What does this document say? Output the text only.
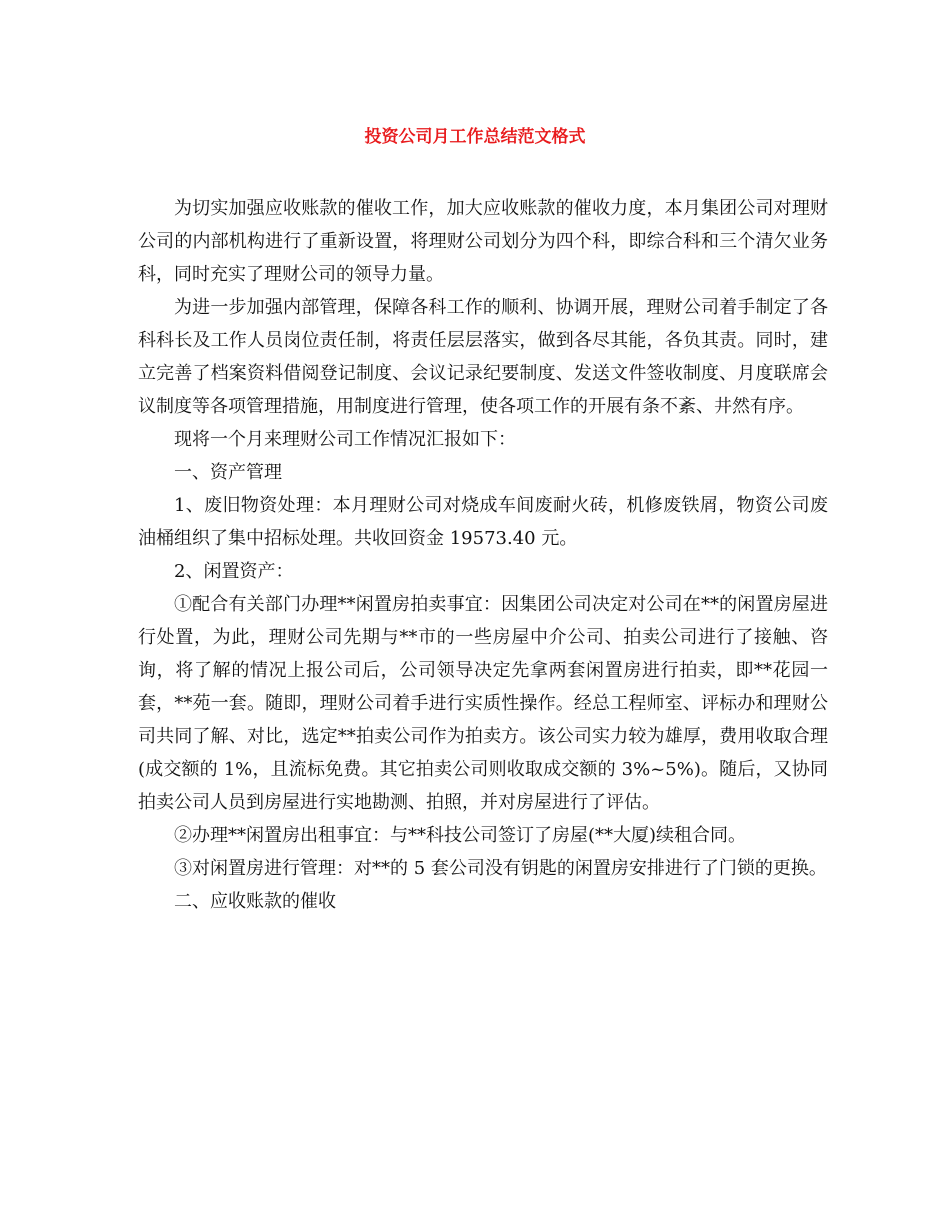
投资公司月工作总结范文格式

为切实加强应收账款的催收工作，加大应收账款的催收力度，本月集团公司对理财公司的内部机构进行了重新设置，将理财公司划分为四个科，即综合科和三个清欠业务科，同时充实了理财公司的领导力量。

为进一步加强内部管理，保障各科工作的顺利、协调开展，理财公司着手制定了各科科长及工作人员岗位责任制，将责任层层落实，做到各尽其能，各负其责。同时，建立完善了档案资料借阅登记制度、会议记录纪要制度、发送文件签收制度、月度联席会议制度等各项管理措施，用制度进行管理，使各项工作的开展有条不紊、井然有序。

现将一个月来理财公司工作情况汇报如下：

一、资产管理

1、废旧物资处理：本月理财公司对烧成车间废耐火砖，机修废铁屑，物资公司废油桶组织了集中招标处理。共收回资金 19573.40 元。

2、闲置资产：

①配合有关部门办理**闲置房拍卖事宜：因集团公司决定对公司在**的闲置房屋进行处置，为此，理财公司先期与**市的一些房屋中介公司、拍卖公司进行了接触、咨询，将了解的情况上报公司后，公司领导决定先拿两套闲置房进行拍卖，即**花园一套，**苑一套。随即，理财公司着手进行实质性操作。经总工程师室、评标办和理财公司共同了解、对比，选定**拍卖公司作为拍卖方。该公司实力较为雄厚，费用收取合理(成交额的 1%，且流标免费。其它拍卖公司则收取成交额的 3%~5%)。随后，又协同拍卖公司人员到房屋进行实地勘测、拍照，并对房屋进行了评估。

②办理**闲置房出租事宜：与**科技公司签订了房屋(**大厦)续租合同。

③对闲置房进行管理：对**的 5 套公司没有钥匙的闲置房安排进行了门锁的更换。

二、应收账款的催收
